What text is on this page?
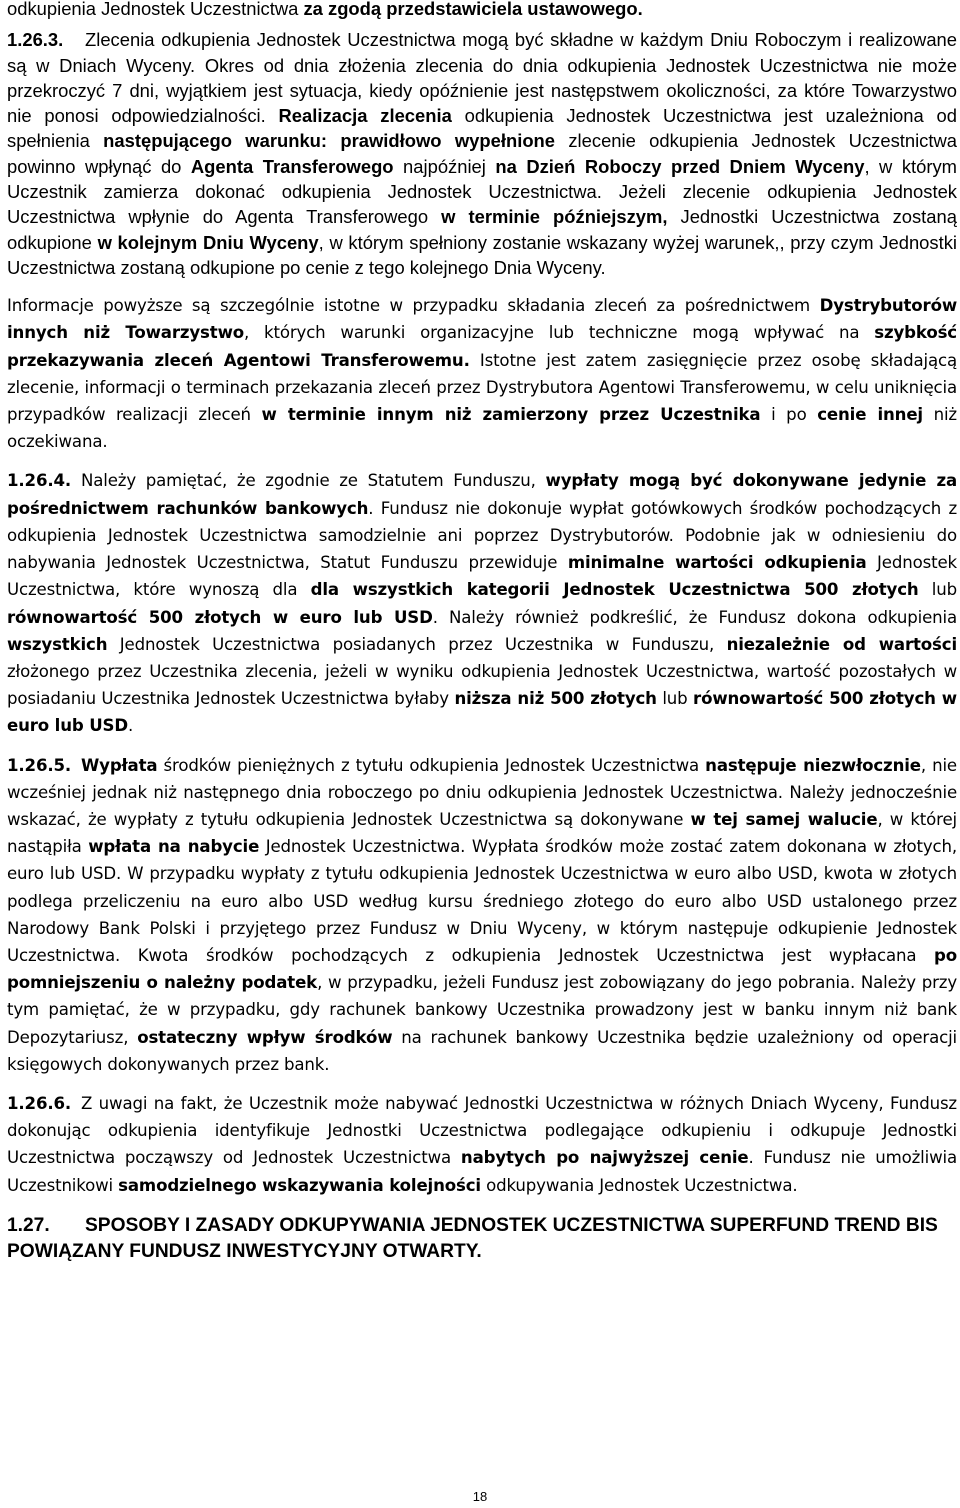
odkupienia Jednostek Uczestnictwa za zgodą przedstawiciela ustawowego.

1.26.3. Zlecenia odkupienia Jednostek Uczestnictwa mogą być składne w każdym Dniu Roboczym i realizowane są w Dniach Wyceny. Okres od dnia złożenia zlecenia do dnia odkupienia Jednostek Uczestnictwa nie może przekroczyć 7 dni, wyjątkiem jest sytuacja, kiedy opóźnienie jest następstwem okoliczności, za które Towarzystwo nie ponosi odpowiedzialności. Realizacja zlecenia odkupienia Jednostek Uczestnictwa jest uzależniona od spełnienia następującego warunku: prawidłowo wypełnione zlecenie odkupienia Jednostek Uczestnictwa powinno wpłynąć do Agenta Transferowego najpóźniej na Dzień Roboczy przed Dniem Wyceny, w którym Uczestnik zamierza dokonać odkupienia Jednostek Uczestnictwa. Jeżeli zlecenie odkupienia Jednostek Uczestnictwa wpłynie do Agenta Transferowego w terminie późniejszym, Jednostki Uczestnictwa zostaną odkupione w kolejnym Dniu Wyceny, w którym spełniony zostanie wskazany wyżej warunek,, przy czym Jednostki Uczestnictwa zostaną odkupione po cenie z tego kolejnego Dnia Wyceny.

Informacje powyższe są szczególnie istotne w przypadku składania zleceń za pośrednictwem Dystrybutorów innych niż Towarzystwo, których warunki organizacyjne lub techniczne mogą wpływać na szybkość przekazywania zleceń Agentowi Transferowemu. Istotne jest zatem zasięgnięcie przez osobę składającą zlecenie, informacji o terminach przekazania zleceń przez Dystrybutora Agentowi Transferowemu, w celu uniknięcia przypadków realizacji zleceń w terminie innym niż zamierzony przez Uczestnika i po cenie innej niż oczekiwana.

1.26.4. Należy pamiętać, że zgodnie ze Statutem Funduszu, wypłaty mogą być dokonywane jedynie za pośrednictwem rachunków bankowych. Fundusz nie dokonuje wypłat gotówkowych środków pochodzących z odkupienia Jednostek Uczestnictwa samodzielnie ani poprzez Dystrybutorów. Podobnie jak w odniesieniu do nabywania Jednostek Uczestnictwa, Statut Funduszu przewiduje minimalne wartości odkupienia Jednostek Uczestnictwa, które wynoszą dla dla wszystkich kategorii Jednostek Uczestnictwa 500 złotych lub równowartość 500 złotych w euro lub USD. Należy również podkreślić, że Fundusz dokona odkupienia wszystkich Jednostek Uczestnictwa posiadanych przez Uczestnika w Funduszu, niezależnie od wartości złożonego przez Uczestnika zlecenia, jeżeli w wyniku odkupienia Jednostek Uczestnictwa, wartość pozostałych w posiadaniu Uczestnika Jednostek Uczestnictwa byłaby niższa niż 500 złotych lub równowartość 500 złotych w euro lub USD.

1.26.5. Wypłata środków pieniężnych z tytułu odkupienia Jednostek Uczestnictwa następuje niezwłocznie, nie wcześniej jednak niż następnego dnia roboczego po dniu odkupienia Jednostek Uczestnictwa. Należy jednocześnie wskazać, że wypłaty z tytułu odkupienia Jednostek Uczestnictwa są dokonywane w tej samej walucie, w której nastąpiła wpłata na nabycie Jednostek Uczestnictwa. Wypłata środków może zostać zatem dokonana w złotych, euro lub USD. W przypadku wypłaty z tytułu odkupienia Jednostek Uczestnictwa w euro albo USD, kwota w złotych podlega przeliczeniu na euro albo USD według kursu średniego złotego do euro albo USD ustalonego przez Narodowy Bank Polski i przyjętego przez Fundusz w Dniu Wyceny, w którym następuje odkupienie Jednostek Uczestnictwa. Kwota środków pochodzących z odkupienia Jednostek Uczestnictwa jest wypłacana po pomniejszeniu o należny podatek, w przypadku, jeżeli Fundusz jest zobowiązany do jego pobrania. Należy przy tym pamiętać, że w przypadku, gdy rachunek bankowy Uczestnika prowadzony jest w banku innym niż bank Depozytariusz, ostateczny wpływ środków na rachunek bankowy Uczestnika będzie uzależniony od operacji księgowych dokonywanych przez bank.

1.26.6. Z uwagi na fakt, że Uczestnik może nabywać Jednostki Uczestnictwa w różnych Dniach Wyceny, Fundusz dokonując odkupienia identyfikuje Jednostki Uczestnictwa podlegające odkupieniu i odkupuje Jednostki Uczestnictwa począwszy od Jednostek Uczestnictwa nabytych po najwyższej cenie. Fundusz nie umożliwia Uczestnikowi samodzielnego wskazywania kolejności odkupywania Jednostek Uczestnictwa.

1.27. SPOSOBY I ZASADY ODKUPYWANIA JEDNOSTEK UCZESTNICTWA SUPERFUND TREND BIS POWIĄZANY FUNDUSZ INWESTYCYJNY OTWARTY.

18
